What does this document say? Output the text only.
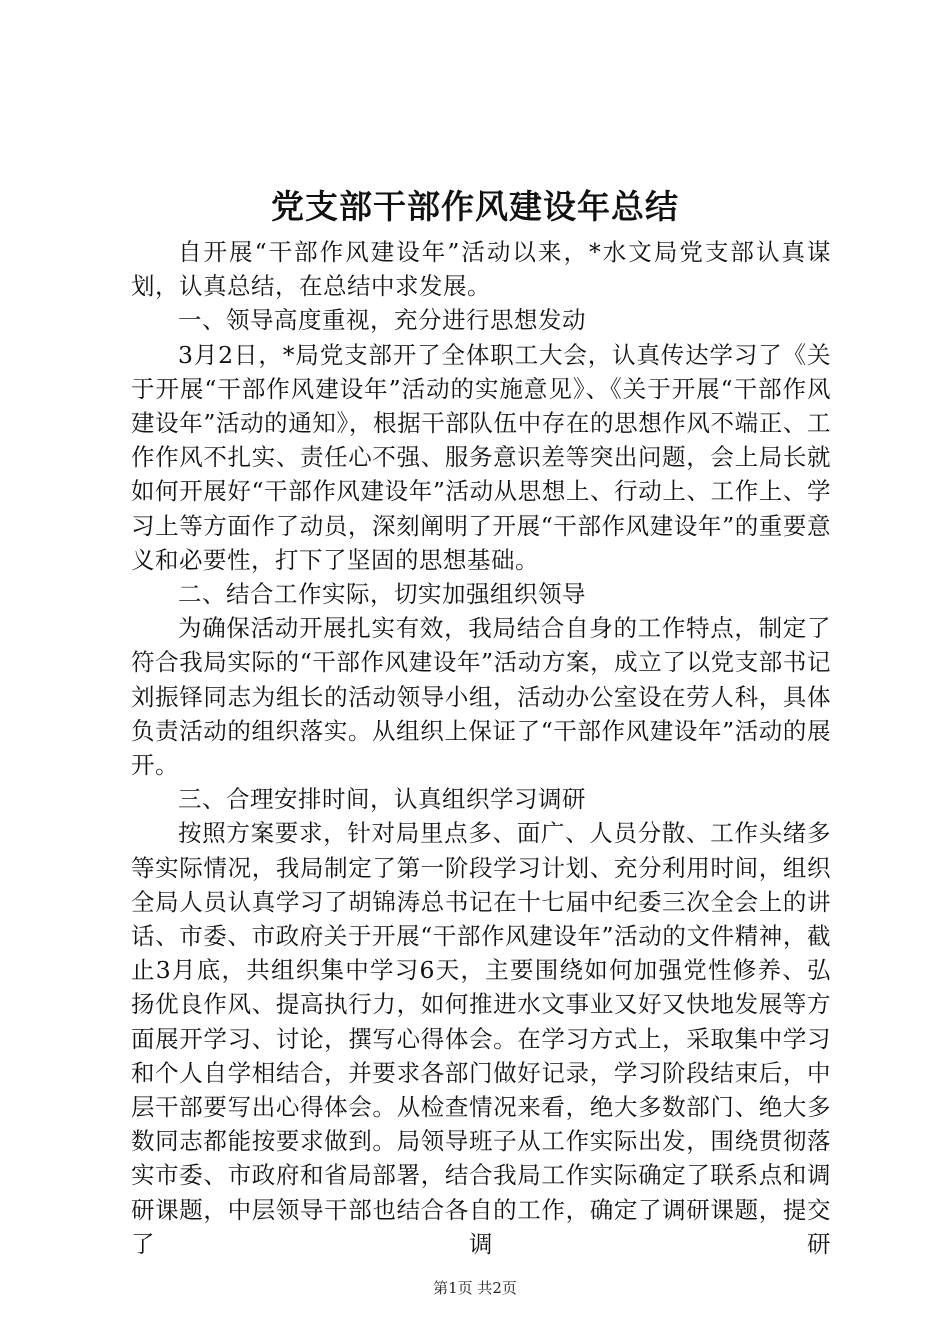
党支部干部作风建设年总结

自开展“干部作风建设年”活动以来，*水文局党支部认真谋划，认真总结，在总结中求发展。

一、领导高度重视，充分进行思想发动

3月2日，*局党支部开了全体职工大会，认真传达学习了《关于开展“干部作风建设年”活动的实施意见》、《关于开展“干部作风建设年”活动的通知》，根据干部队伍中存在的思想作风不端正、工作作风不扎实、责任心不强、服务意识差等突出问题，会上局长就如何开展好“干部作风建设年”活动从思想上、行动上、工作上、学习上等方面作了动员，深刻阐明了开展“干部作风建设年”的重要意义和必要性，打下了坚固的思想基础。

二、结合工作实际，切实加强组织领导

为确保活动开展扎实有效，我局结合自身的工作特点，制定了符合我局实际的“干部作风建设年”活动方案，成立了以党支部书记刘振铎同志为组长的活动领导小组，活动办公室设在劳人科，具体负责活动的组织落实。从组织上保证了“干部作风建设年”活动的展开。

三、合理安排时间，认真组织学习调研

按照方案要求，针对局里点多、面广、人员分散、工作头绪多等实际情况，我局制定了第一阶段学习计划、充分利用时间，组织全局人员认真学习了胡锦涛总书记在十七届中纪委三次全会上的讲话、市委、市政府关于开展“干部作风建设年”活动的文件精神，截止3月底，共组织集中学习6天，主要围绕如何加强党性修养、弘扬优良作风、提高执行力，如何推进水文事业又好又快地发展等方面展开学习、讨论，撰写心得体会。在学习方式上，采取集中学习和个人自学相结合，并要求各部门做好记录，学习阶段结束后，中层干部要写出心得体会。从检查情况来看，绝大多数部门、绝大多数同志都能按要求做到。局领导班子从工作实际出发，围绕贯彻落实市委、市政府和省局部署，结合我局工作实际确定了联系点和调研课题，中层领导干部也结合各自的工作，确定了调研课题，提交了调研

第1页 共2页
